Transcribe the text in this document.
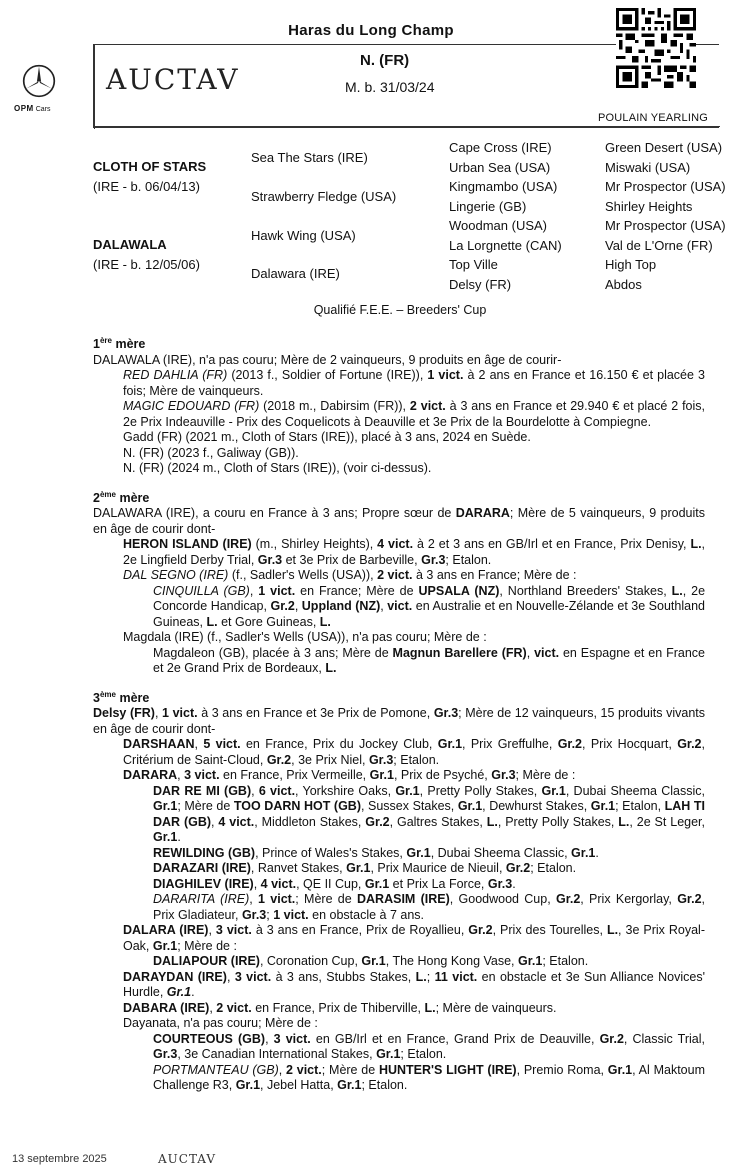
Haras du Long Champ
N. (FR)
M. b. 31/03/24
AUCTAV
POULAIN YEARLING
OPM Cars
CLOTH OF STARS
(IRE - b. 06/04/13)
DALAWALA
(IRE - b. 12/05/06)
Sea The Stars (IRE)
Strawberry Fledge (USA)
Hawk Wing (USA)
Dalawara (IRE)
Cape Cross (IRE)
Urban Sea (USA)
Kingmambo (USA)
Lingerie (GB)
Woodman (USA)
La Lorgnette (CAN)
Top Ville
Delsy (FR)
Green Desert (USA)
Miswaki (USA)
Mr Prospector (USA)
Shirley Heights
Mr Prospector (USA)
Val de L'Orne (FR)
High Top
Abdos
Qualifié F.E.E. – Breeders' Cup
1ère mère
DALAWALA (IRE), n'a pas couru; Mère de 2 vainqueurs, 9 produits en âge de courir-
RED DAHLIA (FR) (2013 f., Soldier of Fortune (IRE)), 1 vict. à 2 ans en France et 16.150 € et placée 3 fois; Mère de vainqueurs.
MAGIC EDOUARD (FR) (2018 m., Dabirsim (FR)), 2 vict. à 3 ans en France et 29.940 € et placé 2 fois, 2e Prix Indeauville - Prix des Coquelicots à Deauville et 3e Prix de la Bourdelotte à Compiegne.
Gadd (FR) (2021 m., Cloth of Stars (IRE)), placé à 3 ans, 2024 en Suède.
N. (FR) (2023 f., Galiway (GB)).
N. (FR) (2024 m., Cloth of Stars (IRE)), (voir ci-dessus).
2ème mère
DALAWARA (IRE), a couru en France à 3 ans; Propre sœur de DARARA; Mère de 5 vainqueurs, 9 produits en âge de courir dont-
HERON ISLAND (IRE) (m., Shirley Heights), 4 vict. à 2 et 3 ans en GB/Irl et en France, Prix Denisy, L., 2e Lingfield Derby Trial, Gr.3 et 3e Prix de Barbeville, Gr.3; Etalon.
DAL SEGNO (IRE) (f., Sadler's Wells (USA)), 2 vict. à 3 ans en France; Mère de :
CINQUILLA (GB), 1 vict. en France; Mère de UPSALA (NZ), Northland Breeders' Stakes, L., 2e Concorde Handicap, Gr.2, Uppland (NZ), vict. en Australie et en Nouvelle-Zélande et 3e Southland Guineas, L. et Gore Guineas, L.
Magdala (IRE) (f., Sadler's Wells (USA)), n'a pas couru; Mère de :
Magdaleon (GB), placée à 3 ans; Mère de Magnun Barellere (FR), vict. en Espagne et en France et 2e Grand Prix de Bordeaux, L.
3ème mère
Delsy (FR), 1 vict. à 3 ans en France et 3e Prix de Pomone, Gr.3; Mère de 12 vainqueurs, 15 produits vivants en âge de courir dont-
DARSHAAN, 5 vict. en France, Prix du Jockey Club, Gr.1, Prix Greffulhe, Gr.2, Prix Hocquart, Gr.2, Critérium de Saint-Cloud, Gr.2, 3e Prix Niel, Gr.3; Etalon.
DARARA, 3 vict. en France, Prix Vermeille, Gr.1, Prix de Psyché, Gr.3; Mère de :
DAR RE MI (GB), 6 vict., Yorkshire Oaks, Gr.1, Pretty Polly Stakes, Gr.1, Dubai Sheema Classic, Gr.1; Mère de TOO DARN HOT (GB), Sussex Stakes, Gr.1, Dewhurst Stakes, Gr.1; Etalon, LAH TI DAR (GB), 4 vict., Middleton Stakes, Gr.2, Galtres Stakes, L., Pretty Polly Stakes, L., 2e St Leger, Gr.1.
REWILDING (GB), Prince of Wales's Stakes, Gr.1, Dubai Sheema Classic, Gr.1.
DARAZARI (IRE), Ranvet Stakes, Gr.1, Prix Maurice de Nieuil, Gr.2; Etalon.
DIAGHILEV (IRE), 4 vict., QE II Cup, Gr.1 et Prix La Force, Gr.3.
DARARITA (IRE), 1 vict.; Mère de DARASIM (IRE), Goodwood Cup, Gr.2, Prix Kergorlay, Gr.2, Prix Gladiateur, Gr.3; 1 vict. en obstacle à 7 ans.
DALARA (IRE), 3 vict. à 3 ans en France, Prix de Royallieu, Gr.2, Prix des Tourelles, L., 3e Prix Royal-Oak, Gr.1; Mère de :
DALIAPOUR (IRE), Coronation Cup, Gr.1, The Hong Kong Vase, Gr.1; Etalon.
DARAYDAN (IRE), 3 vict. à 3 ans, Stubbs Stakes, L.; 11 vict. en obstacle et 3e Sun Alliance Novices' Hurdle, Gr.1.
DABARA (IRE), 2 vict. en France, Prix de Thiberville, L.; Mère de vainqueurs.
Dayanata, n'a pas couru; Mère de :
COURTEOUS (GB), 3 vict. en GB/Irl et en France, Grand Prix de Deauville, Gr.2, Classic Trial, Gr.3, 3e Canadian International Stakes, Gr.1; Etalon.
PORTMANTEAU (GB), 2 vict.; Mère de HUNTER'S LIGHT (IRE), Premio Roma, Gr.1, Al Maktoum Challenge R3, Gr.1, Jebel Hatta, Gr.1; Etalon.
13 septembre 2025	AUCTAV
